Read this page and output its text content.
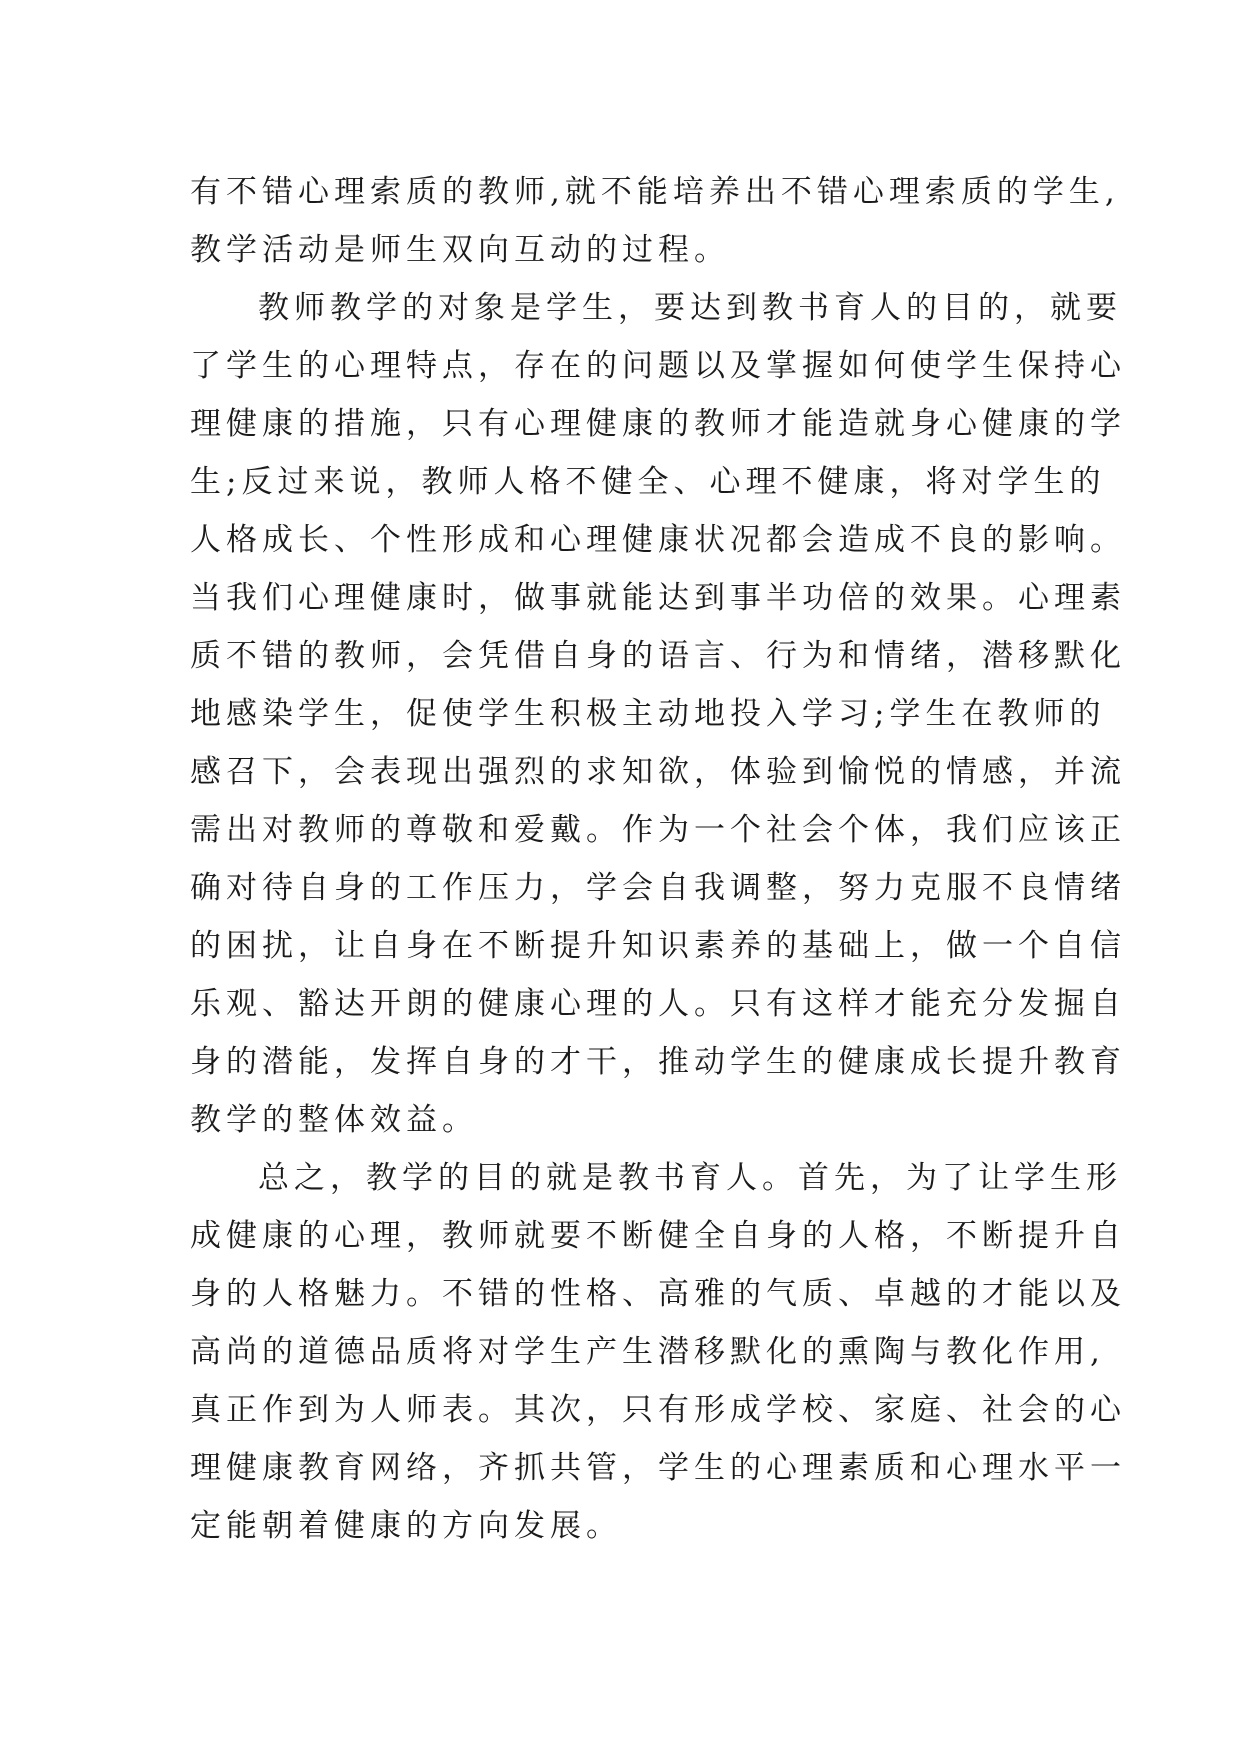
有不错心理索质的教师,就不能培养出不错心理索质的学生,
教学活动是师生双向互动的过程。
教师教学的对象是学生，要达到教书育人的目的，就要
了学生的心理特点，存在的问题以及掌握如何使学生保持心
理健康的措施，只有心理健康的教师才能造就身心健康的学
生;反过来说，教师人格不健全、心理不健康，将对学生的
人格成长、个性形成和心理健康状况都会造成不良的影响。
当我们心理健康时，做事就能达到事半功倍的效果。心理素
质不错的教师，会凭借自身的语言、行为和情绪，潜移默化
地感染学生，促使学生积极主动地投入学习;学生在教师的
感召下，会表现出强烈的求知欲，体验到愉悦的情感，并流
需出对教师的尊敬和爱戴。作为一个社会个体，我们应该正
确对待自身的工作压力，学会自我调整，努力克服不良情绪
的困扰，让自身在不断提升知识素养的基础上，做一个自信
乐观、豁达开朗的健康心理的人。只有这样才能充分发掘自
身的潜能，发挥自身的才干，推动学生的健康成长提升教育
教学的整体效益。
总之，教学的目的就是教书育人。首先，为了让学生形
成健康的心理，教师就要不断健全自身的人格，不断提升自
身的人格魅力。不错的性格、高雅的气质、卓越的才能以及
高尚的道德品质将对学生产生潜移默化的熏陶与教化作用,
真正作到为人师表。其次，只有形成学校、家庭、社会的心
理健康教育网络，齐抓共管，学生的心理素质和心理水平一
定能朝着健康的方向发展。
